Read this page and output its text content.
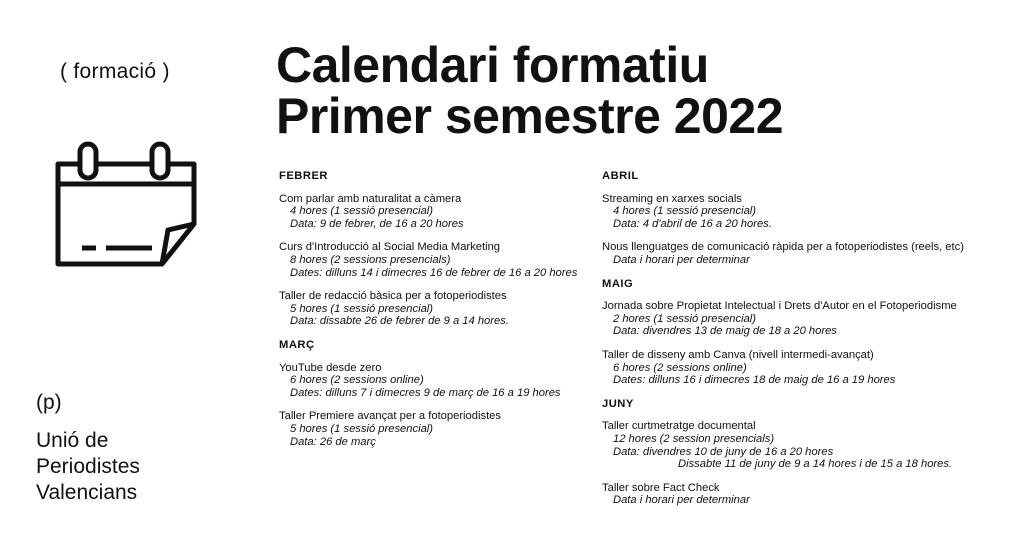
( formació )
(p)
Unió de
Periodistes
Valencians
Calendari formatiu
Primer semestre 2022
FEBRER
Com parlar amb naturalitat a càmera
4 hores (1 sessió presencial)
Data: 9 de febrer, de 16 a 20 hores
Curs d'Introducció al Social Media Marketing
8 hores (2 sessions presencials)
Dates: dilluns 14 i dimecres 16 de febrer de 16 a 20 hores
Taller de redacció bàsica per a fotoperiodistes
5 hores (1 sessió presencial)
Data: dissabte 26 de febrer de 9 a 14 hores.
MARÇ
YouTube desde zero
6 hores (2 sessions online)
Dates: dilluns 7 i dimecres 9 de març de 16 a 19 hores
Taller Premiere avançat per a fotoperiodistes
5 hores (1 sessió presencial)
Data: 26 de març
ABRIL
Streaming en xarxes socials
4 hores (1 sessió presencial)
Data: 4 d'abril de 16 a 20 hores.
Nous llenguatges de comunicació ràpida per a fotoperiodistes (reels, etc)
Data i horari per determinar
MAIG
Jornada sobre Propietat Intelectual i Drets d'Autor en el Fotoperiodisme
2 hores (1 sessió presencial)
Data: divendres 13 de maig de 18 a 20 hores
Taller de disseny amb Canva (nivell intermedi-avançat)
6 hores (2 sessions online)
Dates: dilluns 16 i dimecres 18 de maig de 16 a 19 hores
JUNY
Taller curtmetratge documental
12 hores (2 session presencials)
Data: divendres 10 de juny de 16 a 20 hores
Dissabte 11 de juny de 9 a 14 hores i de 15 a 18 hores.
Taller sobre Fact Check
Data i horari per determinar
